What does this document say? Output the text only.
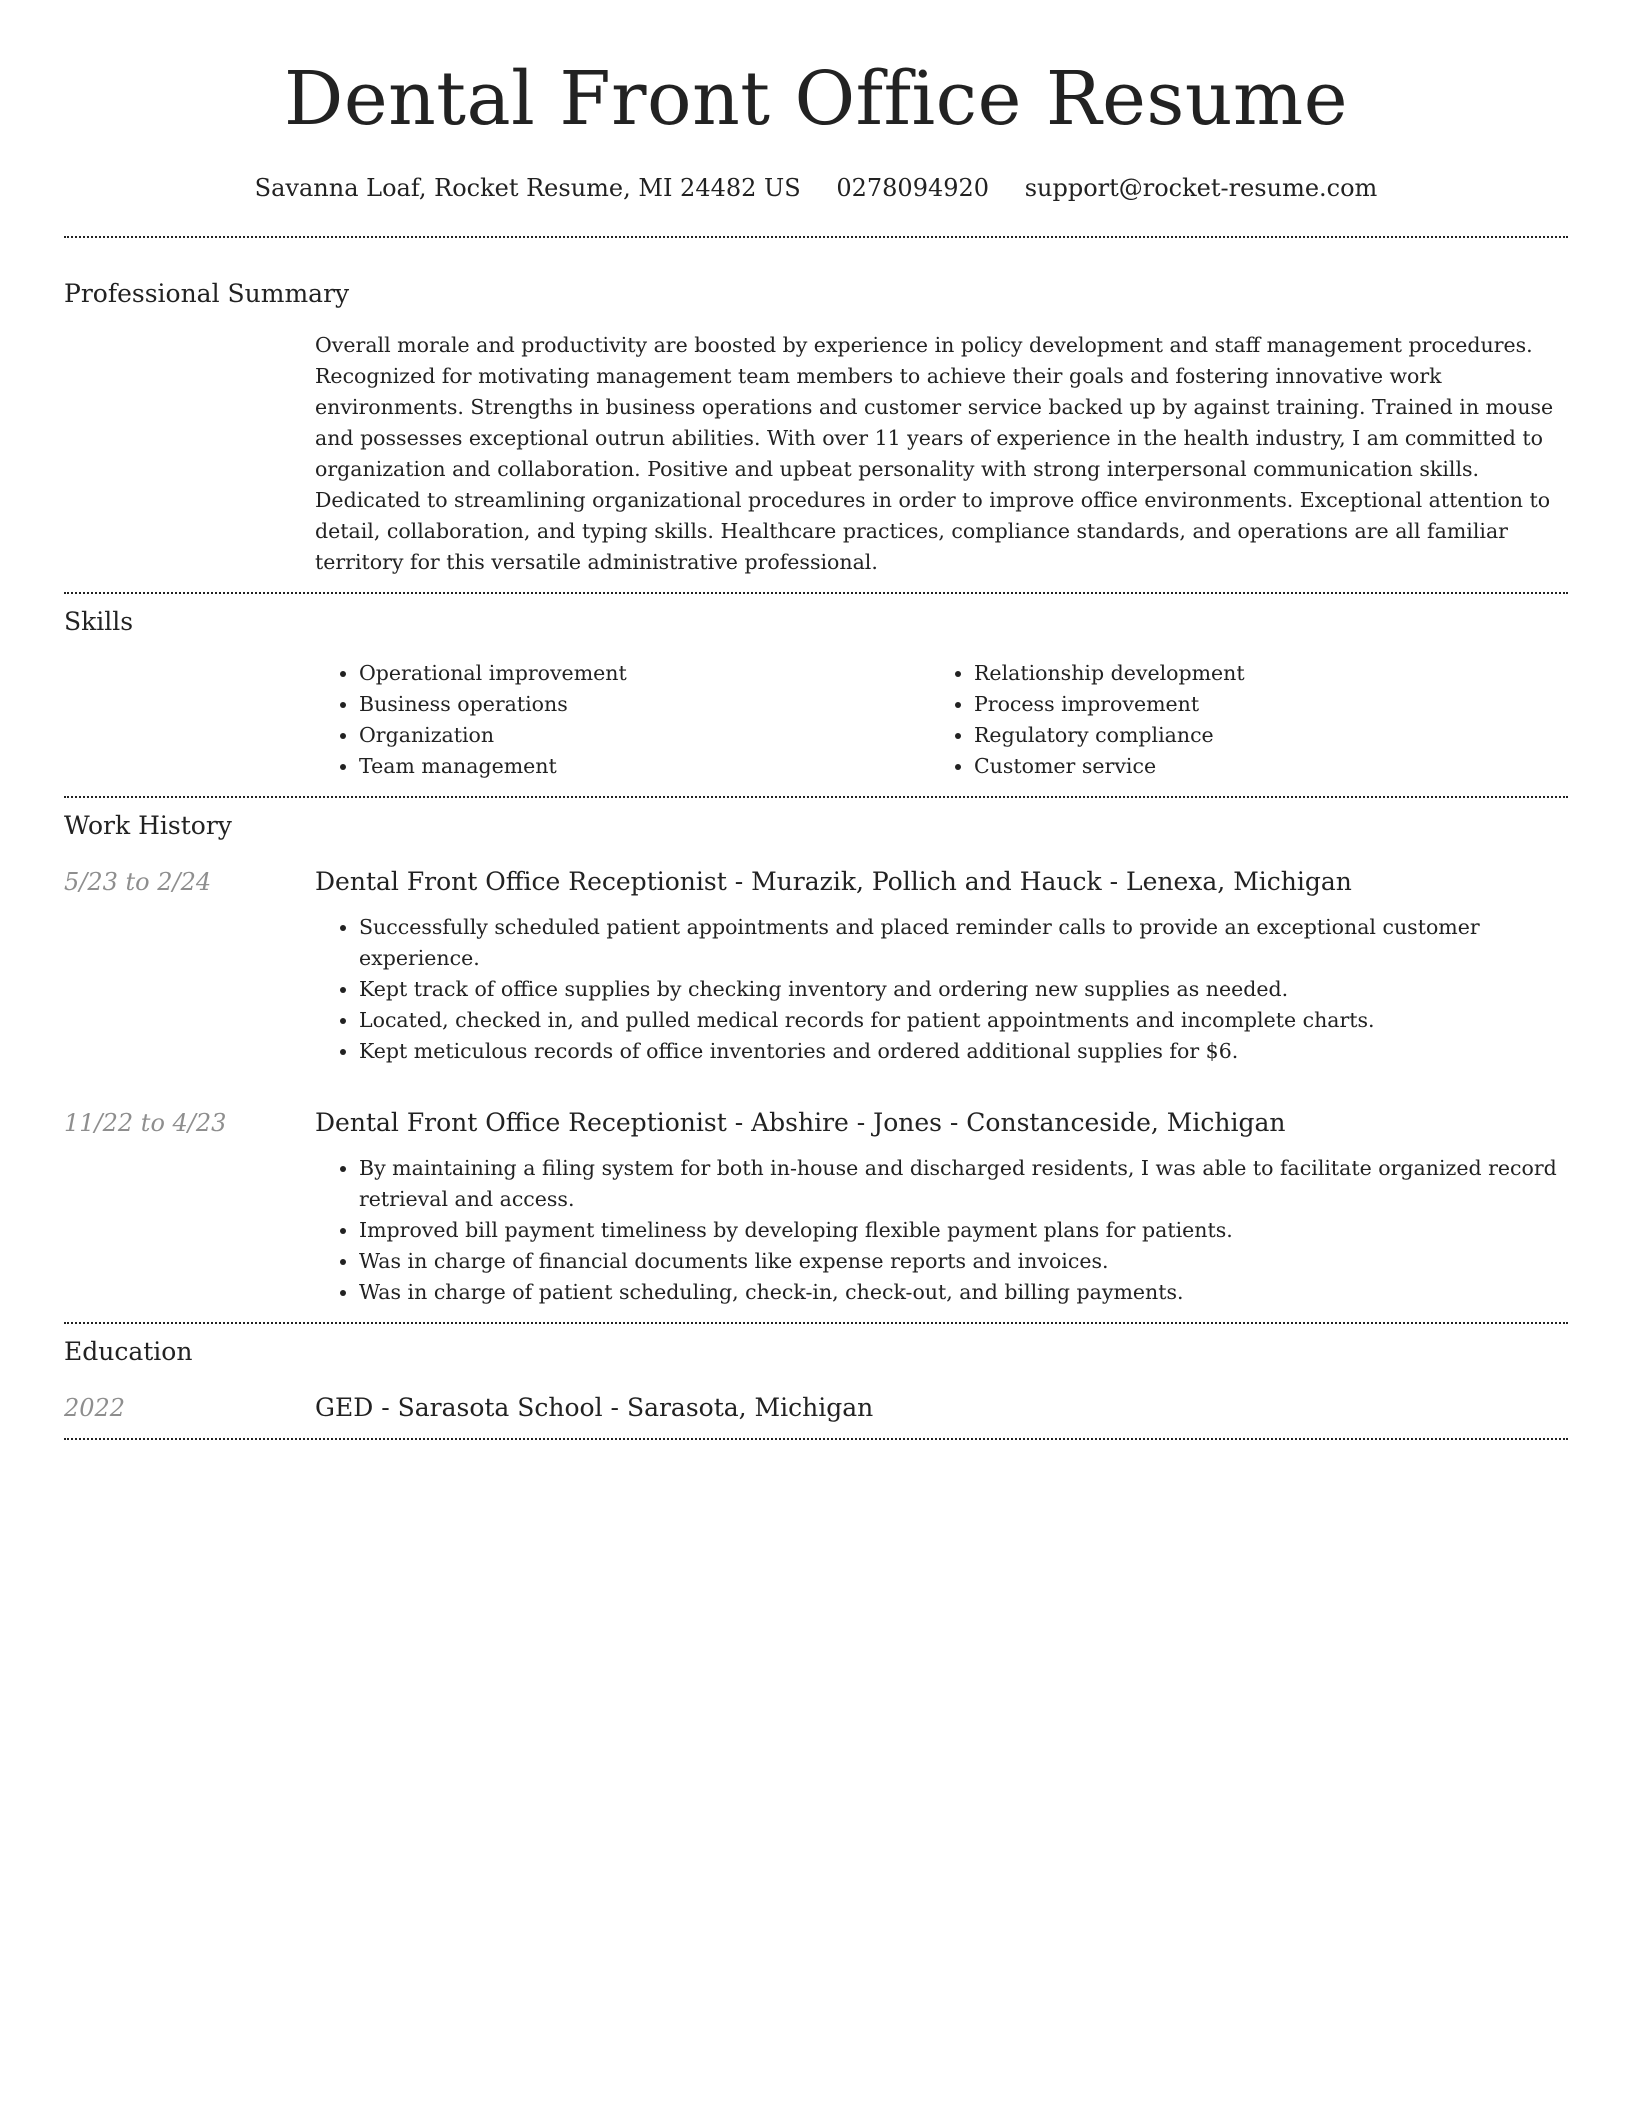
Dental Front Office Resume
Savanna Loaf, Rocket Resume, MI 24482 US 0278094920 support@rocket-resume.com
Professional Summary
Overall morale and productivity are boosted by experience in policy development and staff management procedures. Recognized for motivating management team members to achieve their goals and fostering innovative work environments. Strengths in business operations and customer service backed up by against training. Trained in mouse and possesses exceptional outrun abilities. With over 11 years of experience in the health industry, I am committed to organization and collaboration. Positive and upbeat personality with strong interpersonal communication skills. Dedicated to streamlining organizational procedures in order to improve office environments. Exceptional attention to detail, collaboration, and typing skills. Healthcare practices, compliance standards, and operations are all familiar territory for this versatile administrative professional.
Skills
• Operational improvement
• Business operations
• Organization
• Team management
• Relationship development
• Process improvement
• Regulatory compliance
• Customer service
Work History
5/23 to 2/24	Dental Front Office Receptionist - Murazik, Pollich and Hauck - Lenexa, Michigan
• Successfully scheduled patient appointments and placed reminder calls to provide an exceptional customer experience.
• Kept track of office supplies by checking inventory and ordering new supplies as needed.
• Located, checked in, and pulled medical records for patient appointments and incomplete charts.
• Kept meticulous records of office inventories and ordered additional supplies for $6.
11/22 to 4/23	Dental Front Office Receptionist - Abshire - Jones - Constanceside, Michigan
• By maintaining a filing system for both in-house and discharged residents, I was able to facilitate organized record retrieval and access.
• Improved bill payment timeliness by developing flexible payment plans for patients.
• Was in charge of financial documents like expense reports and invoices.
• Was in charge of patient scheduling, check-in, check-out, and billing payments.
Education
2022	GED - Sarasota School - Sarasota, Michigan
